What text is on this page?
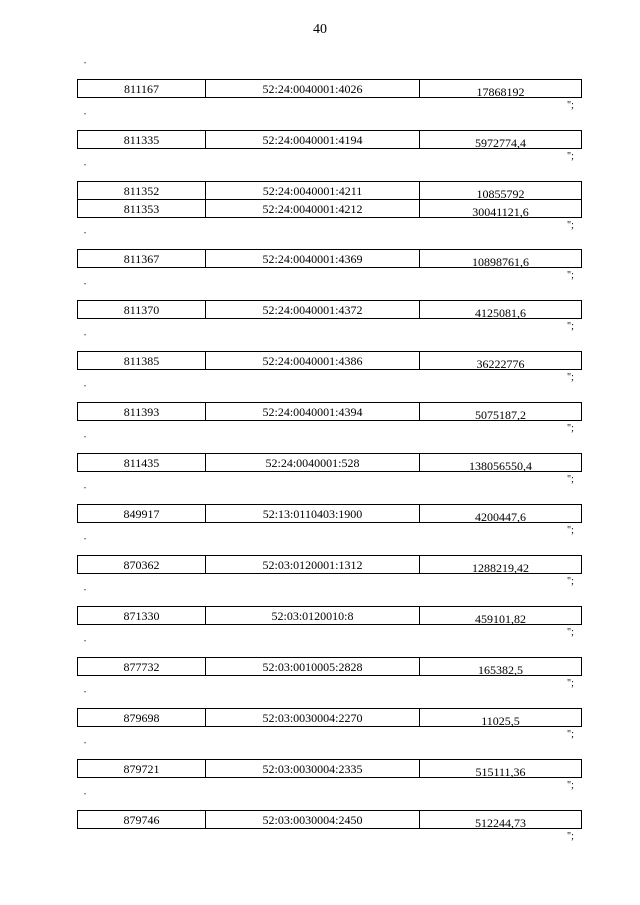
40
"
811167	52:24:0040001:4026	17868192
";
"
811335	52:24:0040001:4194	5972774,4
";
"
811352	52:24:0040001:4211	10855792
811353	52:24:0040001:4212	30041121,6
";
"
811367	52:24:0040001:4369	10898761,6
";
"
811370	52:24:0040001:4372	4125081,6
";
"
811385	52:24:0040001:4386	36222776
";
"
811393	52:24:0040001:4394	5075187,2
";
"
811435	52:24:0040001:528	138056550,4
";
"
849917	52:13:0110403:1900	4200447,6
";
"
870362	52:03:0120001:1312	1288219,42
";
"
871330	52:03:0120010:8	459101,82
";
"
877732	52:03:0010005:2828	165382,5
";
"
879698	52:03:0030004:2270	11025,5
";
"
879721	52:03:0030004:2335	515111,36
";
"
879746	52:03:0030004:2450	512244,73
";
